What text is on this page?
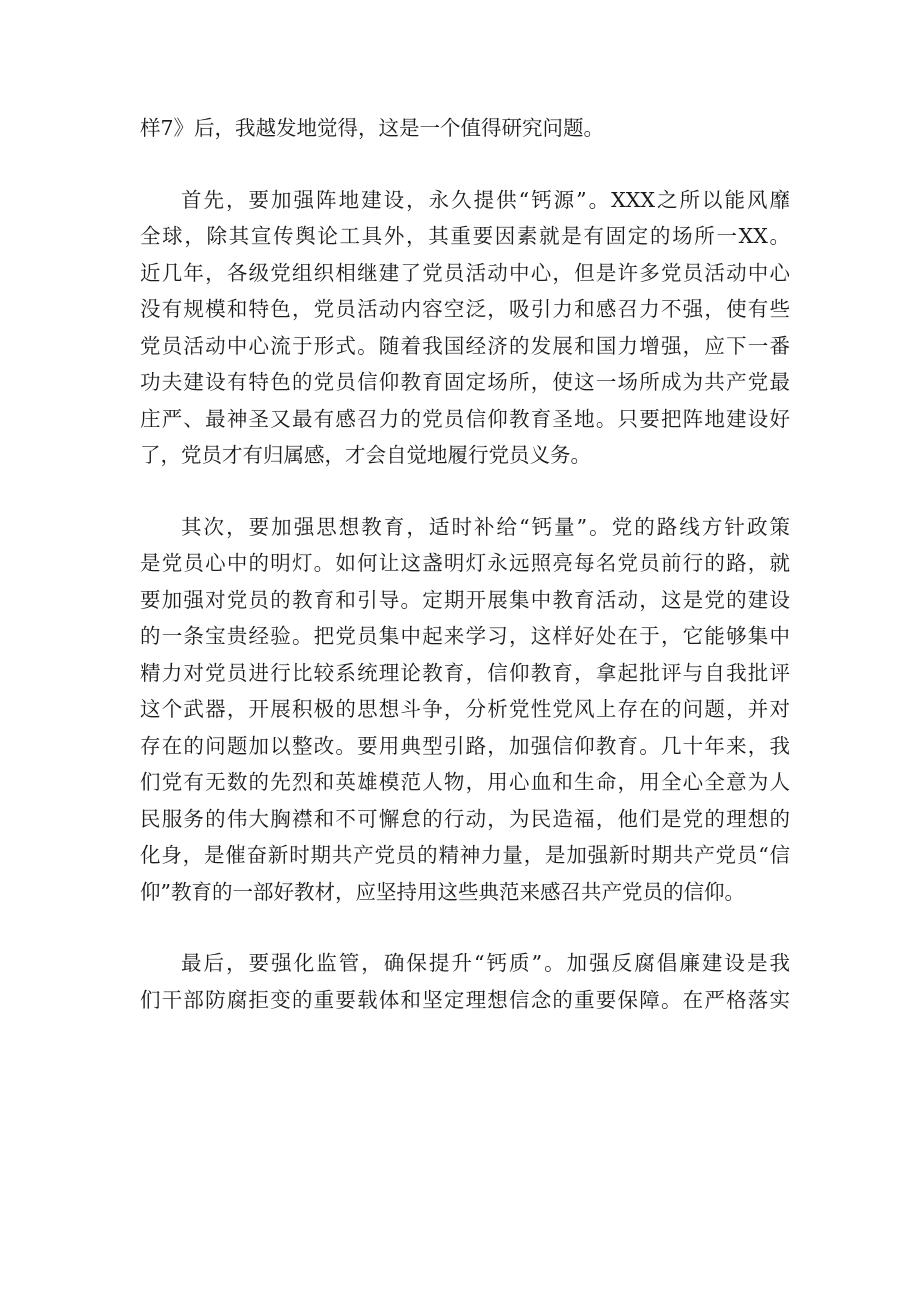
样7》后，我越发地觉得，这是一个值得研究问题。
首先，要加强阵地建设，永久提供“钙源”。XXX之所以能风靡
全球，除其宣传舆论工具外，其重要因素就是有固定的场所一XX。
近几年，各级党组织相继建了党员活动中心，但是许多党员活动中心
没有规模和特色，党员活动内容空泛，吸引力和感召力不强，使有些
党员活动中心流于形式。随着我国经济的发展和国力增强，应下一番
功夫建设有特色的党员信仰教育固定场所，使这一场所成为共产党最
庄严、最神圣又最有感召力的党员信仰教育圣地。只要把阵地建设好
了，党员才有归属感，才会自觉地履行党员义务。
其次，要加强思想教育，适时补给“钙量”。党的路线方针政策
是党员心中的明灯。如何让这盏明灯永远照亮每名党员前行的路，就
要加强对党员的教育和引导。定期开展集中教育活动，这是党的建设
的一条宝贵经验。把党员集中起来学习，这样好处在于，它能够集中
精力对党员进行比较系统理论教育，信仰教育，拿起批评与自我批评
这个武器，开展积极的思想斗争，分析党性党风上存在的问题，并对
存在的问题加以整改。要用典型引路，加强信仰教育。几十年来，我
们党有无数的先烈和英雄模范人物，用心血和生命，用全心全意为人
民服务的伟大胸襟和不可懈怠的行动，为民造福，他们是党的理想的
化身，是催奋新时期共产党员的精神力量，是加强新时期共产党员“信
仰”教育的一部好教材，应坚持用这些典范来感召共产党员的信仰。
最后，要强化监管，确保提升“钙质”。加强反腐倡廉建设是我
们干部防腐拒变的重要载体和坚定理想信念的重要保障。在严格落实
